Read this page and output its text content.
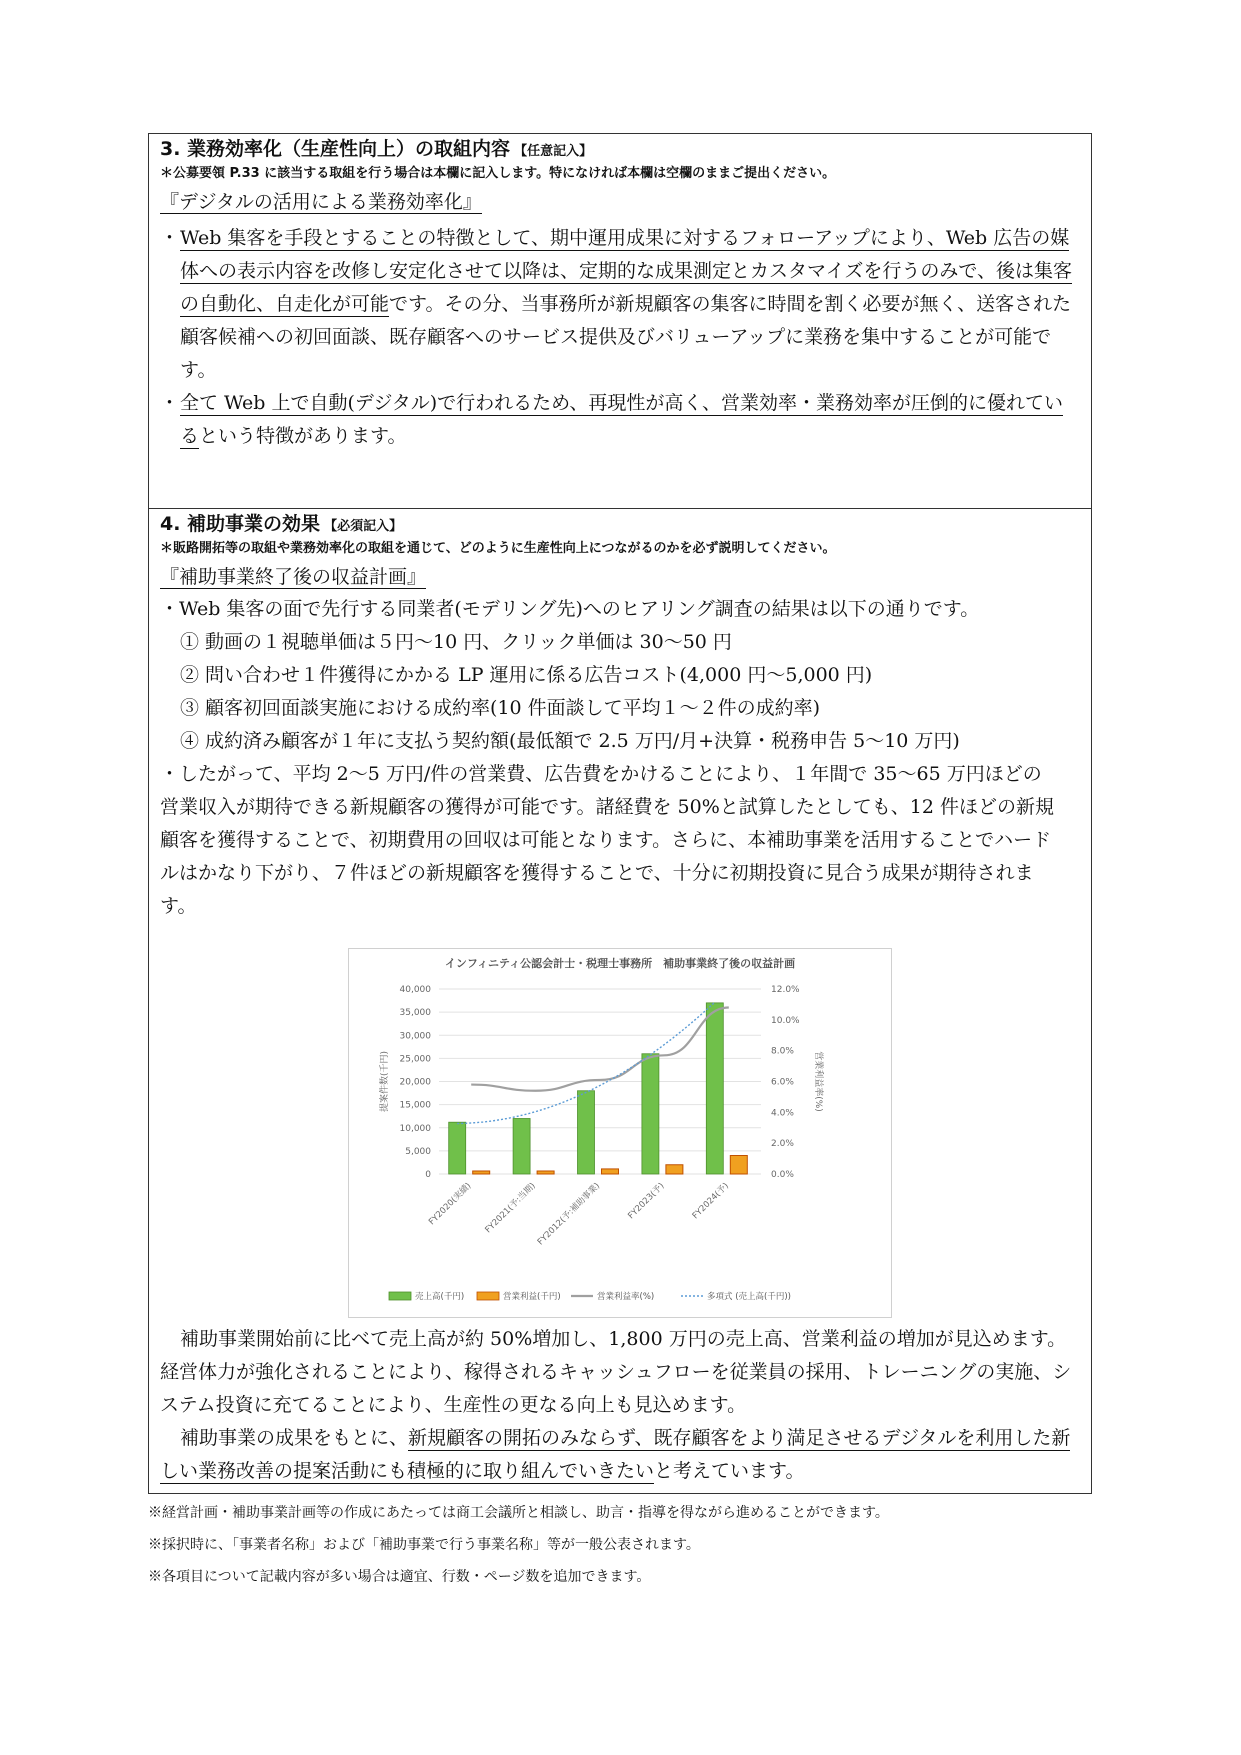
3. 業務効率化（生産性向上）の取組内容 【任意記入】
＊公募要領 P.33 に該当する取組を行う場合は本欄に記入します。特になければ本欄は空欄のままご提出ください。
『デジタルの活用による業務効率化』
・ Web 集客を手段とすることの特徴として、期中運用成果に対するフォローアップにより、Web 広告の媒体への表示内容を改修し安定化させて以降は、定期的な成果測定とカスタマイズを行うのみで、後は集客の自動化、自走化が可能です。その分、当事務所が新規顧客の集客に時間を割く必要が無く、送客された顧客候補への初回面談、既存顧客へのサービス提供及びバリューアップに業務を集中することが可能です。
・ 全て Web 上で自動(デジタル)で行われるため、再現性が高く、営業効率・業務効率が圧倒的に優れているという特徴があります。
4. 補助事業の効果 【必須記入】
＊販路開拓等の取組や業務効率化の取組を通じて、どのように生産性向上につながるのかを必ず説明してください。
『補助事業終了後の収益計画』
・Web 集客の面で先行する同業者(モデリング先)へのヒアリング調査の結果は以下の通りです。
① 動画の１視聴単価は５円～10 円、クリック単価は 30～50 円
② 問い合わせ１件獲得にかかる LP 運用に係る広告コスト(4,000 円～5,000 円)
③ 顧客初回面談実施における成約率(10 件面談して平均１～２件の成約率)
④ 成約済み顧客が１年に支払う契約額(最低額で 2.5 万円/月+決算・税務申告 5～10 万円)
・したがって、平均 2～5 万円/件の営業費、広告費をかけることにより、１年間で 35～65 万円ほどの営業収入が期待できる新規顧客の獲得が可能です。諸経費を 50%と試算したとしても、12 件ほどの新規顧客を獲得することで、初期費用の回収は可能となります。さらに、本補助事業を活用することでハードルはかなり下がり、７件ほどの新規顧客を獲得することで、十分に初期投資に見合う成果が期待されます。
インフィニティ公認会計士・税理士事務所　補助事業終了後の収益計画
0
5,000
10,000
15,000
20,000
25,000
30,000
35,000
40,000
0.0%
2.0%
4.0%
6.0%
8.0%
10.0%
12.0%
提案件数(千円)	営業利益率(%)
FY2020(実績) FY2021(予:当期)
FY2012(予:補助事業)	FY2023(予)	FY2024(予)
売上高(千円)	営業利益(千円)	営業利益率(%)	多項式 (売上高(千円))
補助事業開始前に比べて売上高が約 50%増加し、1,800 万円の売上高、営業利益の増加が見込めます。経営体力が強化されることにより、稼得されるキャッシュフローを従業員の採用、トレーニングの実施、システム投資に充てることにより、生産性の更なる向上も見込めます。
補助事業の成果をもとに、新規顧客の開拓のみならず、既存顧客をより満足させるデジタルを利用した新しい業務改善の提案活動にも積極的に取り組んでいきたいと考えています。
※経営計画・補助事業計画等の作成にあたっては商工会議所と相談し、助言・指導を得ながら進めることができます。
※採択時に、「事業者名称」および「補助事業で行う事業名称」等が一般公表されます。
※各項目について記載内容が多い場合は適宜、行数・ページ数を追加できます。
